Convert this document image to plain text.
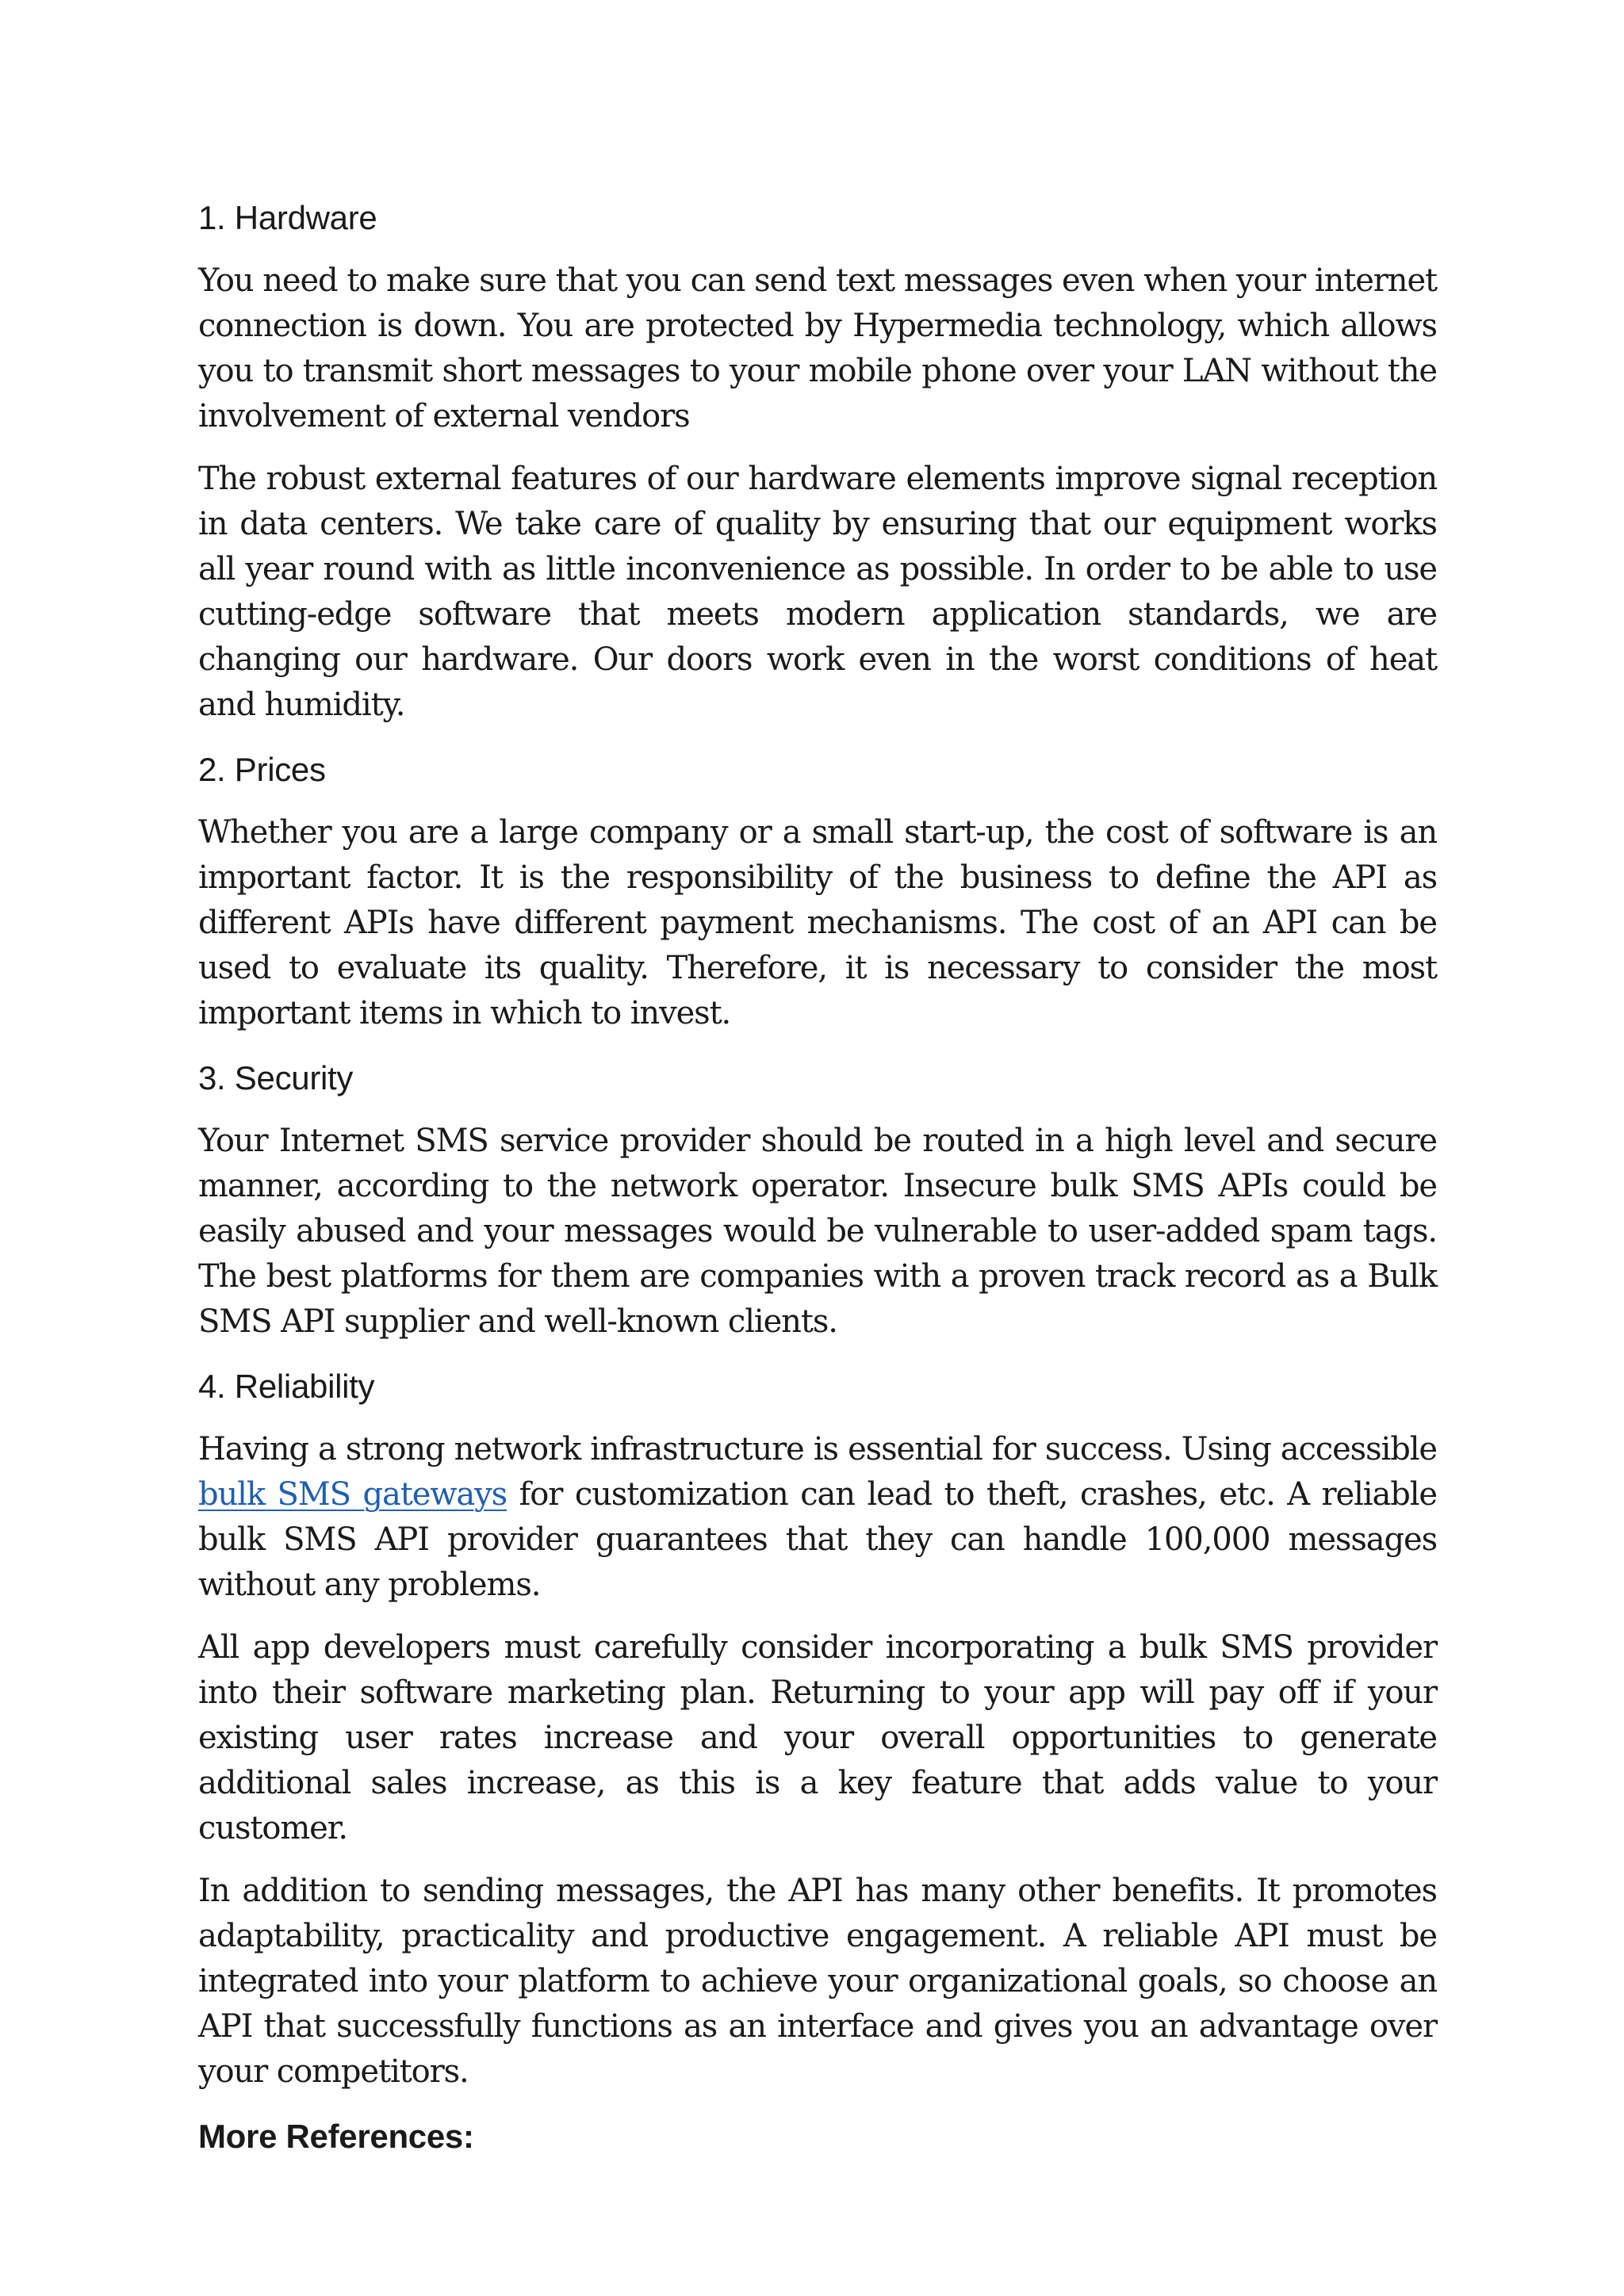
1. Hardware

You need to make sure that you can send text messages even when your internet connection is down. You are protected by Hypermedia technology, which allows you to transmit short messages to your mobile phone over your LAN without the involvement of external vendors

The robust external features of our hardware elements improve signal reception in data centers. We take care of quality by ensuring that our equipment works all year round with as little inconvenience as possible. In order to be able to use cutting-edge software that meets modern application standards, we are changing our hardware. Our doors work even in the worst conditions of heat and humidity.

2. Prices

Whether you are a large company or a small start-up, the cost of software is an important factor. It is the responsibility of the business to define the API as different APIs have different payment mechanisms. The cost of an API can be used to evaluate its quality. Therefore, it is necessary to consider the most important items in which to invest.

3. Security

Your Internet SMS service provider should be routed in a high level and secure manner, according to the network operator. Insecure bulk SMS APIs could be easily abused and your messages would be vulnerable to user-added spam tags. The best platforms for them are companies with a proven track record as a Bulk SMS API supplier and well-known clients.

4. Reliability

Having a strong network infrastructure is essential for success. Using accessible bulk SMS gateways for customization can lead to theft, crashes, etc. A reliable bulk SMS API provider guarantees that they can handle 100,000 messages without any problems.

All app developers must carefully consider incorporating a bulk SMS provider into their software marketing plan. Returning to your app will pay off if your existing user rates increase and your overall opportunities to generate additional sales increase, as this is a key feature that adds value to your customer.

In addition to sending messages, the API has many other benefits. It promotes adaptability, practicality and productive engagement. A reliable API must be integrated into your platform to achieve your organizational goals, so choose an API that successfully functions as an interface and gives you an advantage over your competitors.

More References:
